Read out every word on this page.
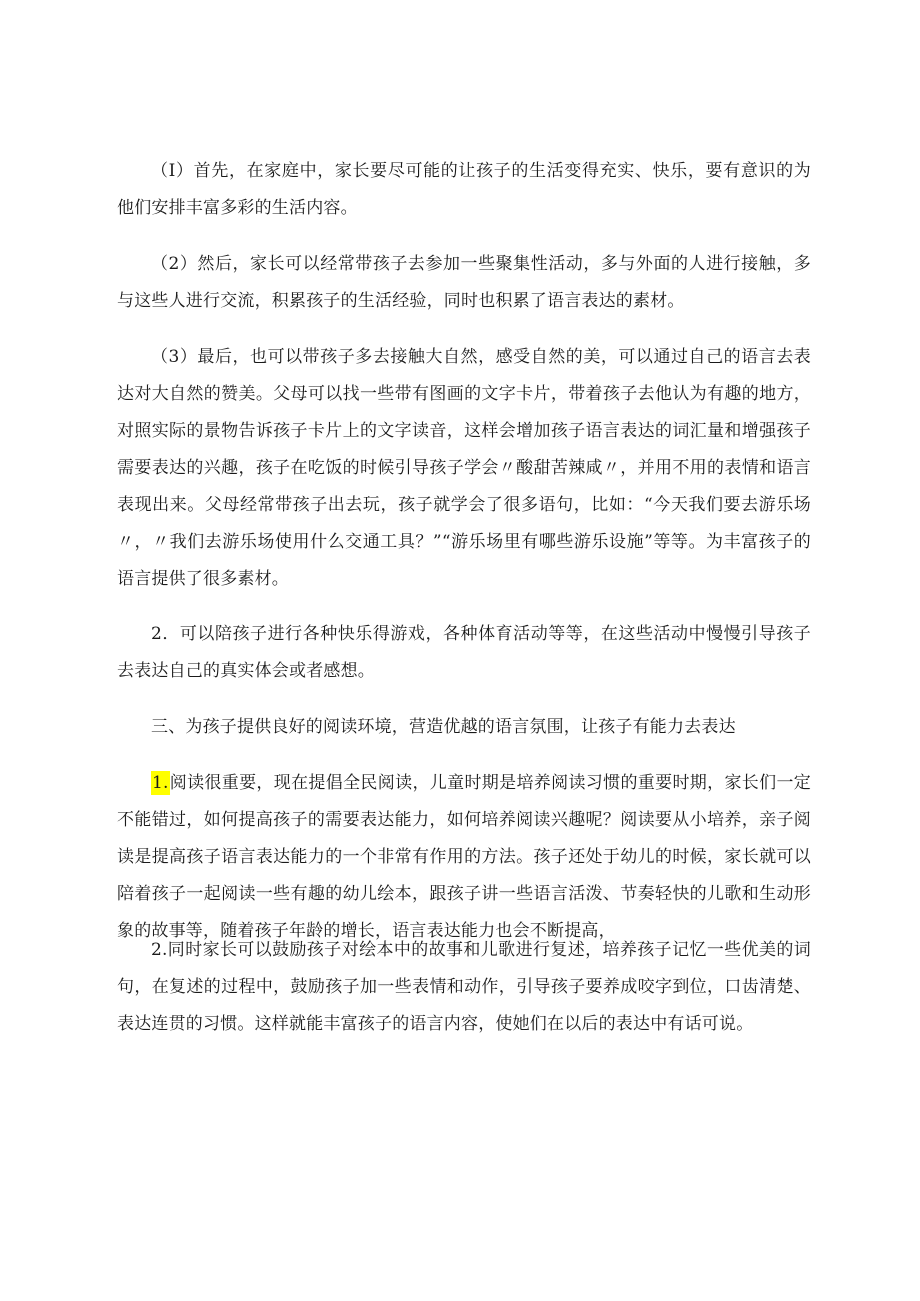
（I）首先，在家庭中，家长要尽可能的让孩子的生活变得充实、快乐，要有意识的为他们安排丰富多彩的生活内容。

（2）然后，家长可以经常带孩子去参加一些聚集性活动，多与外面的人进行接触，多与这些人进行交流，积累孩子的生活经验，同时也积累了语言表达的素材。

（3）最后，也可以带孩子多去接触大自然，感受自然的美，可以通过自己的语言去表达对大自然的赞美。父母可以找一些带有图画的文字卡片，带着孩子去他认为有趣的地方，对照实际的景物告诉孩子卡片上的文字读音，这样会增加孩子语言表达的词汇量和增强孩子需要表达的兴趣，孩子在吃饭的时候引导孩子学会〃酸甜苦辣咸〃，并用不用的表情和语言表现出来。父母经常带孩子出去玩，孩子就学会了很多语句，比如：“今天我们要去游乐场〃，〃我们去游乐场使用什么交通工具？”“游乐场里有哪些游乐设施”等等。为丰富孩子的语言提供了很多素材。

2．可以陪孩子进行各种快乐得游戏，各种体育活动等等，在这些活动中慢慢引导孩子去表达自己的真实体会或者感想。

三、为孩子提供良好的阅读环境，营造优越的语言氛围，让孩子有能力去表达

1.阅读很重要，现在提倡全民阅读，儿童时期是培养阅读习惯的重要时期，家长们一定不能错过，如何提高孩子的需要表达能力，如何培养阅读兴趣呢？阅读要从小培养，亲子阅读是提高孩子语言表达能力的一个非常有作用的方法。孩子还处于幼儿的时候，家长就可以陪着孩子一起阅读一些有趣的幼儿绘本，跟孩子讲一些语言活泼、节奏轻快的儿歌和生动形象的故事等，随着孩子年龄的增长，语言表达能力也会不断提高，

2.同时家长可以鼓励孩子对绘本中的故事和儿歌进行复述，培养孩子记忆一些优美的词句，在复述的过程中，鼓励孩子加一些表情和动作，引导孩子要养成咬字到位，口齿清楚、表达连贯的习惯。这样就能丰富孩子的语言内容，使她们在以后的表达中有话可说。
